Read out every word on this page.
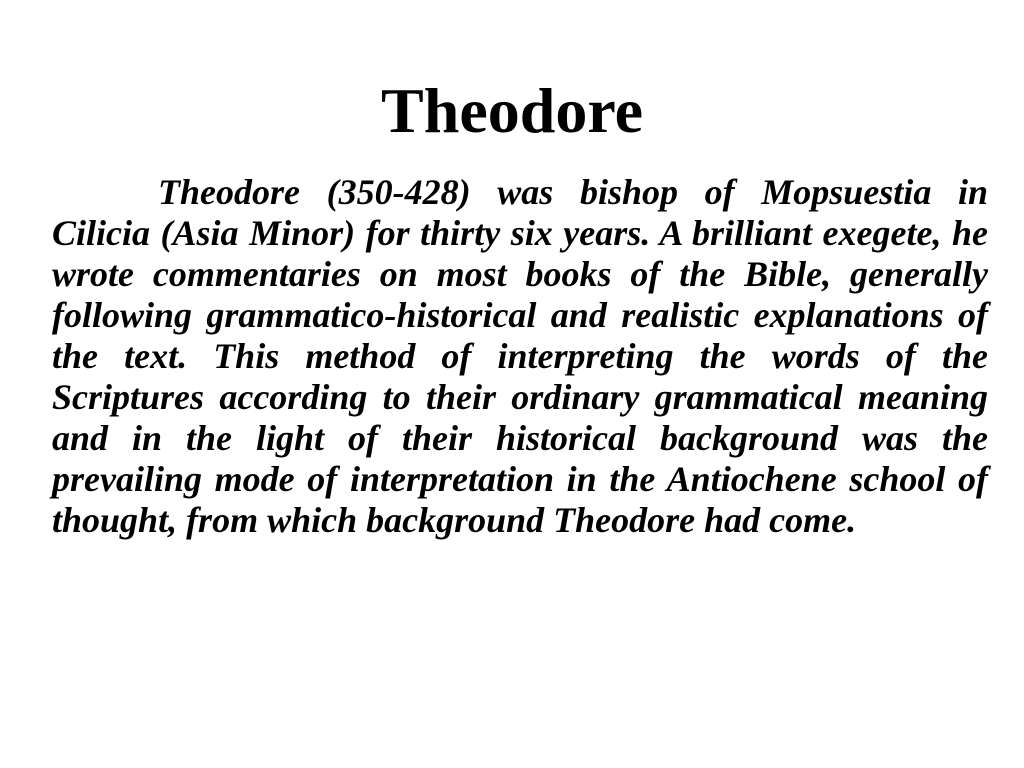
Theodore

Theodore (350-428) was bishop of Mopsuestia in Cilicia (Asia Minor) for thirty six years. A brilliant exegete, he wrote commentaries on most books of the Bible, generally following grammatico-historical and realistic explanations of the text. This method of interpreting the words of the Scriptures according to their ordinary grammatical meaning and in the light of their historical background was the prevailing mode of interpretation in the Antiochene school of thought, from which background Theodore had come.
